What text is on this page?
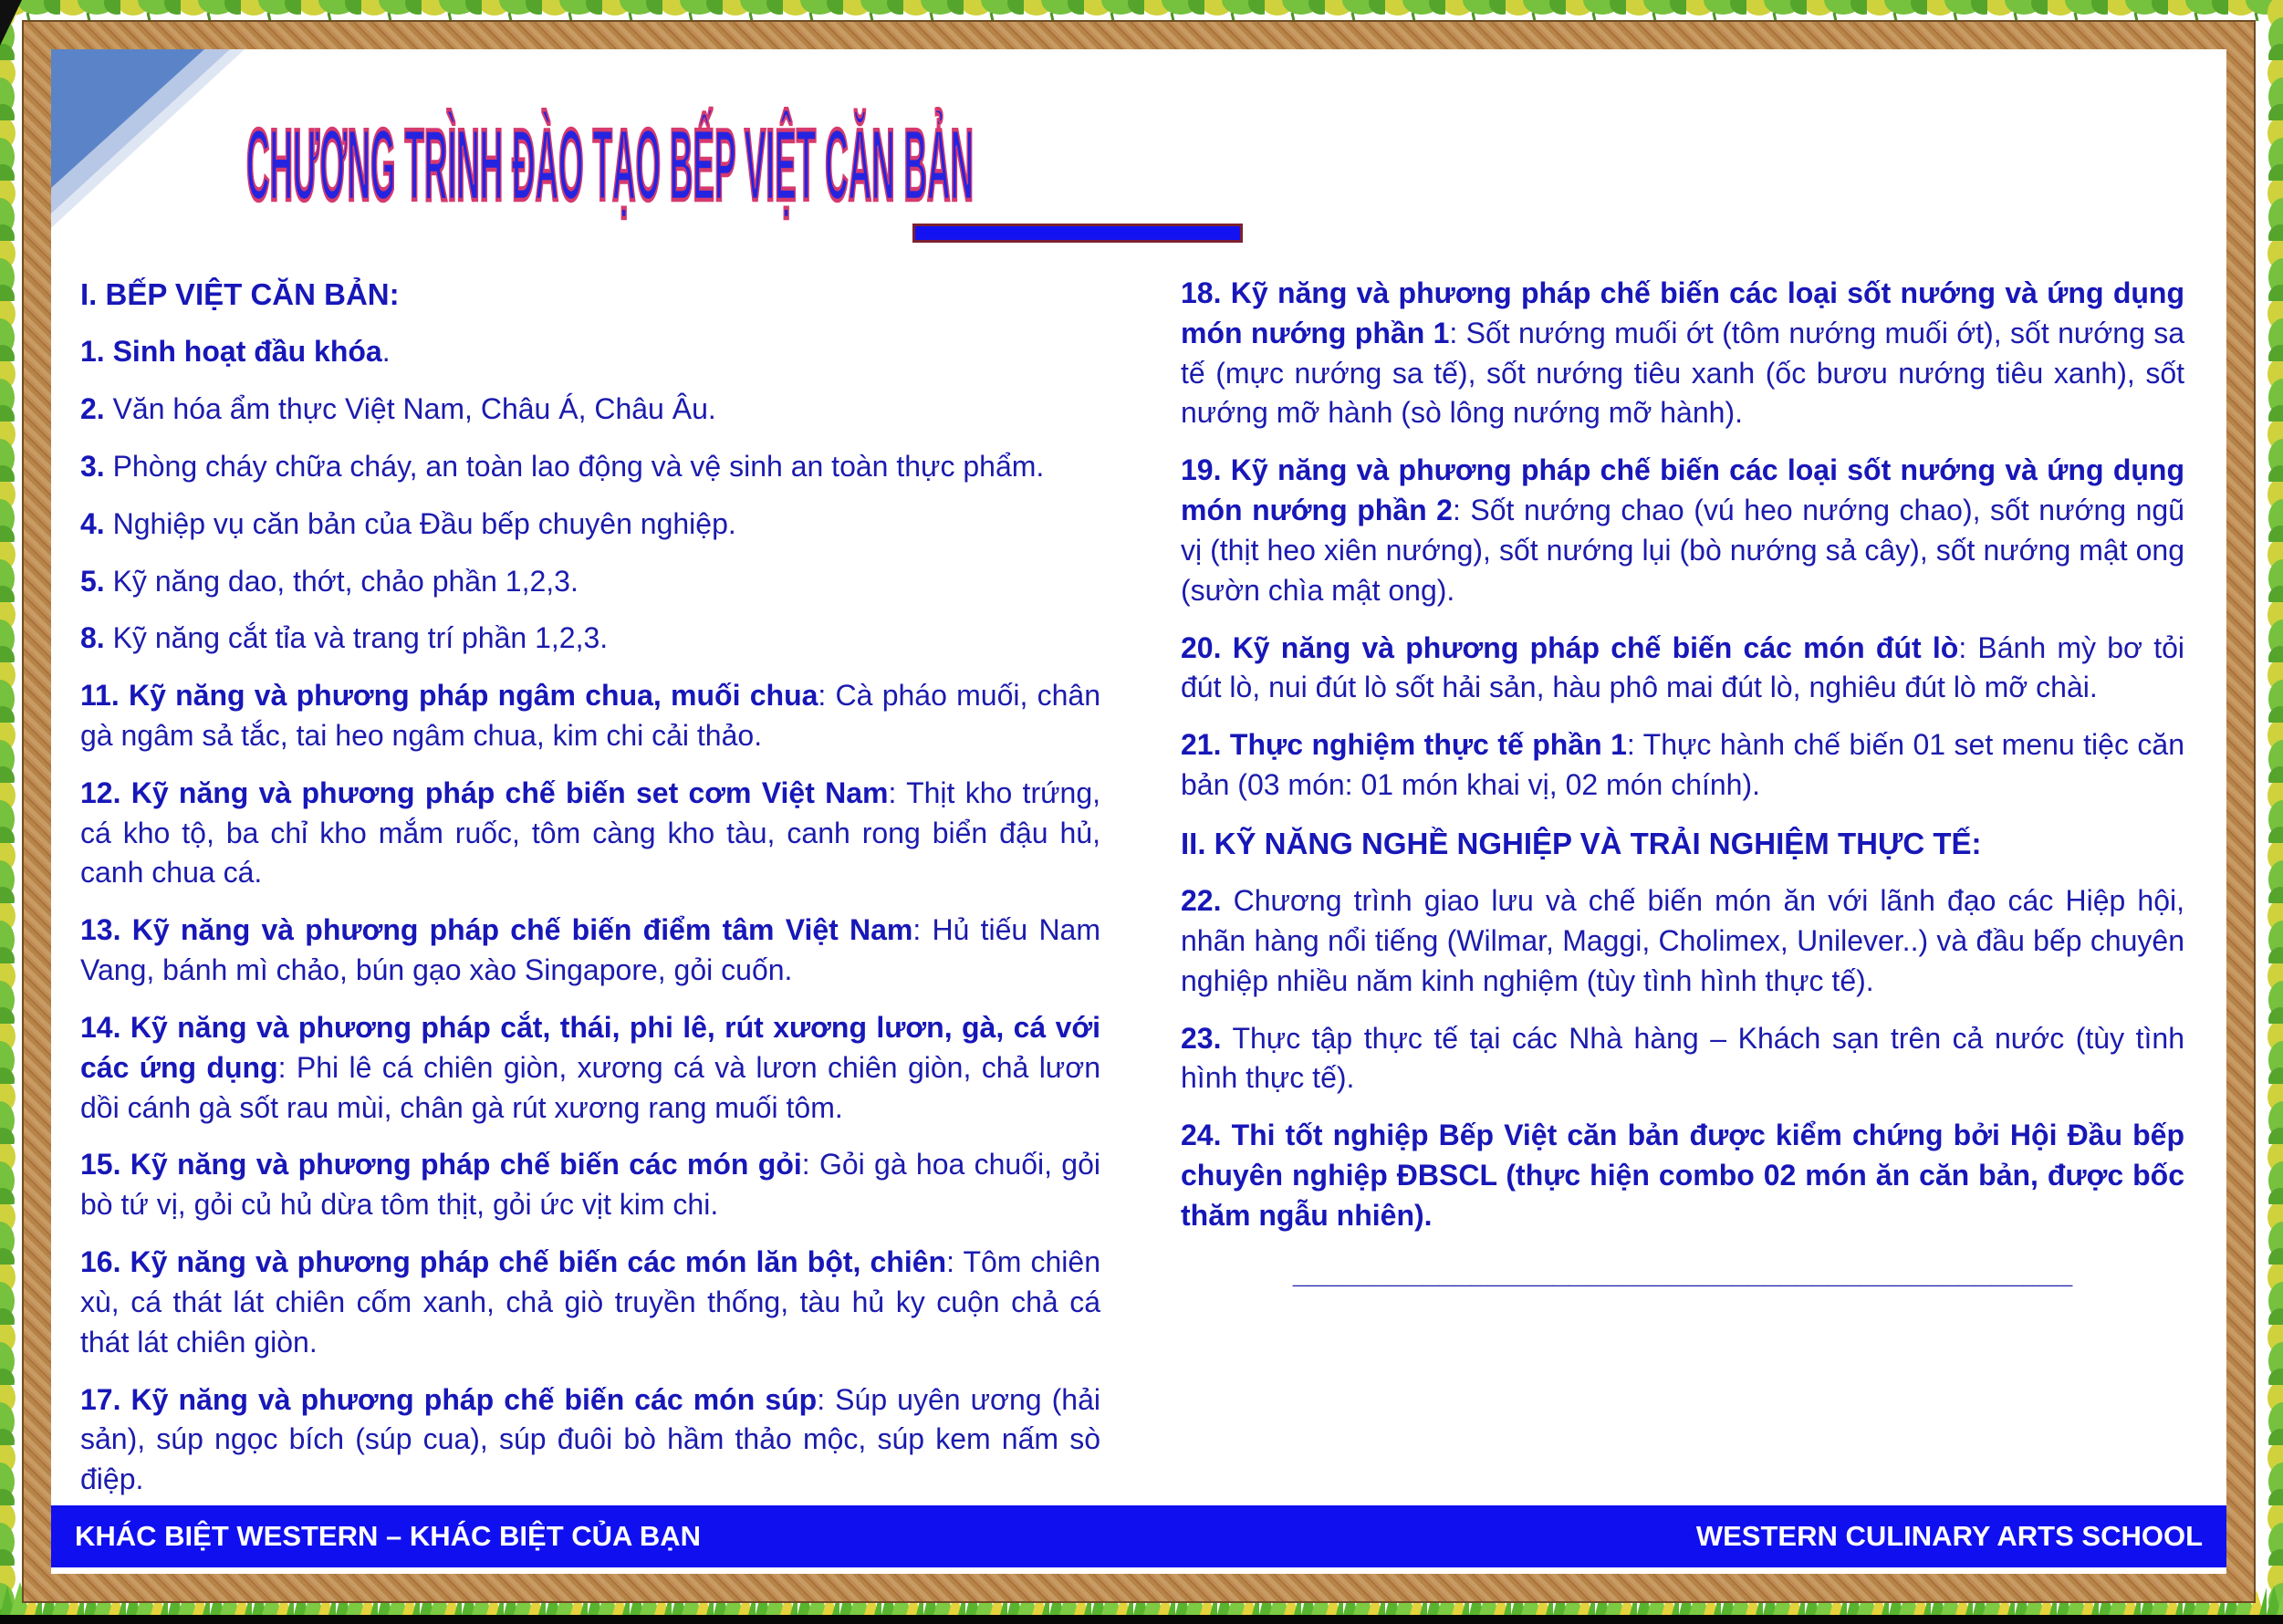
CHƯƠNG TRÌNH ĐÀO TẠO BẾP VIỆT CĂN BẢN

I. BẾP VIỆT CĂN BẢN:

1. Sinh hoạt đầu khóa.

2. Văn hóa ẩm thực Việt Nam, Châu Á, Châu Âu.

3. Phòng cháy chữa cháy, an toàn lao động và vệ sinh an toàn thực phẩm.

4. Nghiệp vụ căn bản của Đầu bếp chuyên nghiệp.

5. Kỹ năng dao, thớt, chảo phần 1,2,3.

8. Kỹ năng cắt tỉa và trang trí phần 1,2,3.

11. Kỹ năng và phương pháp ngâm chua, muối chua: Cà pháo muối, chân gà ngâm sả tắc, tai heo ngâm chua, kim chi cải thảo.

12. Kỹ năng và phương pháp chế biến set cơm Việt Nam: Thịt kho trứng, cá kho tộ, ba chỉ kho mắm ruốc, tôm càng kho tàu, canh rong biển đậu hủ, canh chua cá.

13. Kỹ năng và phương pháp chế biến điểm tâm Việt Nam: Hủ tiếu Nam Vang, bánh mì chảo, bún gạo xào Singapore, gỏi cuốn.

14. Kỹ năng và phương pháp cắt, thái, phi lê, rút xương lươn, gà, cá với các ứng dụng: Phi lê cá chiên giòn, xương cá và lươn chiên giòn, chả lươn dồi cánh gà sốt rau mùi, chân gà rút xương rang muối tôm.

15. Kỹ năng và phương pháp chế biến các món gỏi: Gỏi gà hoa chuối, gỏi bò tứ vị, gỏi củ hủ dừa tôm thịt, gỏi ức vịt kim chi.

16. Kỹ năng và phương pháp chế biến các món lăn bột, chiên: Tôm chiên xù, cá thát lát chiên cốm xanh, chả giò truyền thống, tàu hủ ky cuộn chả cá thát lát chiên giòn.

17. Kỹ năng và phương pháp chế biến các món súp: Súp uyên ương (hải sản), súp ngọc bích (súp cua), súp đuôi bò hầm thảo mộc, súp kem nấm sò điệp.

18. Kỹ năng và phương pháp chế biến các loại sốt nướng và ứng dụng món nướng phần 1: Sốt nướng muối ớt (tôm nướng muối ớt), sốt nướng sa tế (mực nướng sa tế), sốt nướng tiêu xanh (ốc bươu nướng tiêu xanh), sốt nướng mỡ hành (sò lông nướng mỡ hành).

19. Kỹ năng và phương pháp chế biến các loại sốt nướng và ứng dụng món nướng phần 2: Sốt nướng chao (vú heo nướng chao), sốt nướng ngũ vị (thịt heo xiên nướng), sốt nướng lụi (bò nướng sả cây), sốt nướng mật ong (sườn chìa mật ong).

20. Kỹ năng và phương pháp chế biến các món đút lò: Bánh mỳ bơ tỏi đút lò, nui đút lò sốt hải sản, hàu phô mai đút lò, nghiêu đút lò mỡ chài.

21. Thực nghiệm thực tế phần 1: Thực hành chế biến 01 set menu tiệc căn bản (03 món: 01 món khai vị, 02 món chính).

II. KỸ NĂNG NGHỀ NGHIỆP VÀ TRẢI NGHIỆM THỰC TẾ:

22. Chương trình giao lưu và chế biến món ăn với lãnh đạo các Hiệp hội, nhãn hàng nổi tiếng (Wilmar, Maggi, Cholimex, Unilever..) và đầu bếp chuyên nghiệp nhiều năm kinh nghiệm (tùy tình hình thực tế).

23. Thực tập thực tế tại các Nhà hàng – Khách sạn trên cả nước (tùy tình hình thực tế).

24. Thi tốt nghiệp Bếp Việt căn bản được kiểm chứng bởi Hội Đầu bếp chuyên nghiệp ĐBSCL (thực hiện combo 02 món ăn căn bản, được bốc thăm ngẫu nhiên).

________________________________________________

KHÁC BIỆT WESTERN – KHÁC BIỆT CỦA BẠN	WESTERN CULINARY ARTS SCHOOL
